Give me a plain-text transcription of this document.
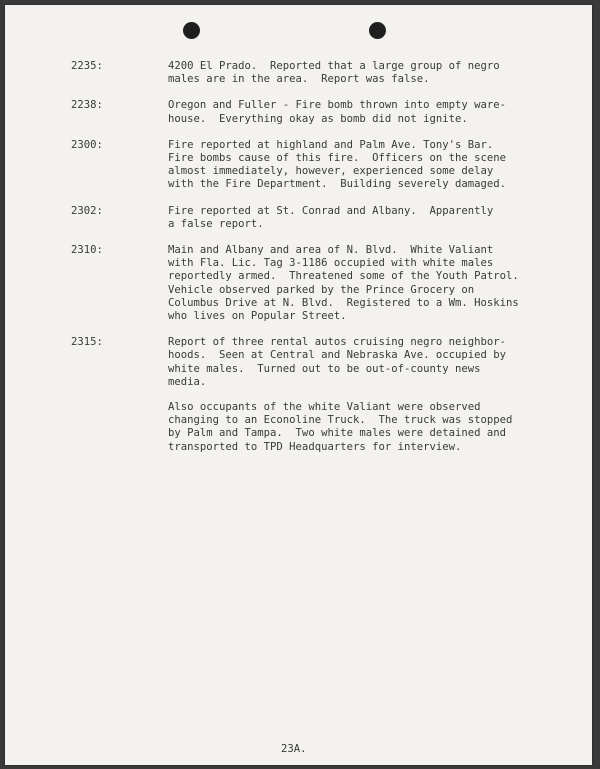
2235:	4200 El Prado.  Reported that a large group of negro
males are in the area.  Report was false.
2238:	Oregon and Fuller - Fire bomb thrown into empty ware-
house.  Everything okay as bomb did not ignite.
2300:	Fire reported at highland and Palm Ave. Tony's Bar.
Fire bombs cause of this fire.  Officers on the scene
almost immediately, however, experienced some delay
with the Fire Department.  Building severely damaged.
2302:	Fire reported at St. Conrad and Albany.  Apparently
a false report.
2310:	Main and Albany and area of N. Blvd.  White Valiant
with Fla. Lic. Tag 3-1186 occupied with white males
reportedly armed.  Threatened some of the Youth Patrol.
Vehicle observed parked by the Prince Grocery on
Columbus Drive at N. Blvd.  Registered to a Wm. Hoskins
who lives on Popular Street.
2315:	Report of three rental autos cruising negro neighbor-
hoods.  Seen at Central and Nebraska Ave. occupied by
white males.  Turned out to be out-of-county news
media.
Also occupants of the white Valiant were observed
changing to an Econoline Truck.  The truck was stopped
by Palm and Tampa.  Two white males were detained and
transported to TPD Headquarters for interview.
23A.
